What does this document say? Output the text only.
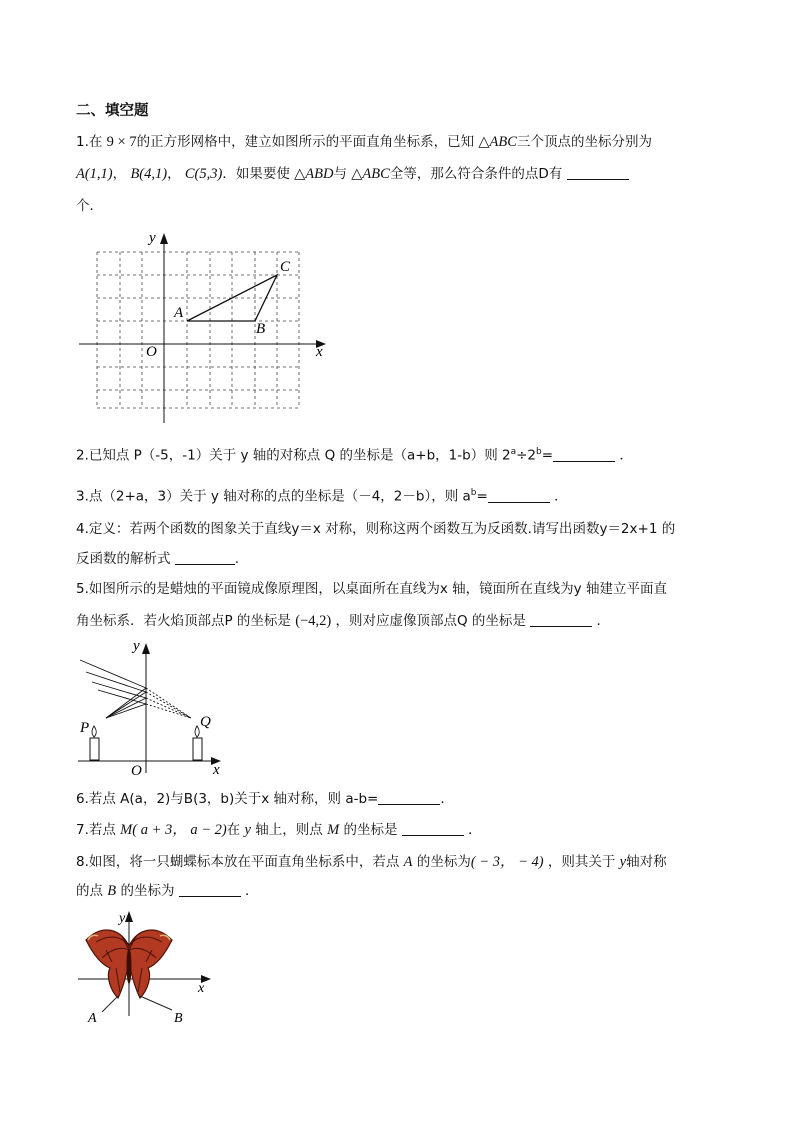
二、填空题
1.在 9 × 7的正方形网格中，建立如图所示的平面直角坐标系，已知 △ABC三个顶点的坐标分别为
A(1,1)， B(4,1)， C(5,3)．如果要使 △ABD与 △ABC全等，那么符合条件的点D有
个．
y
x
O
A
B
C
2.已知点 P（-5，-1）关于 y 轴的对称点 Q 的坐标是（a+b，1-b）则 $2^a\div 2^b=$	．
3.点（2+a，3）关于 y 轴对称的点的坐标是（－4，2－b），则 $a^b=$	．
4.定义：若两个函数的图象关于直线y＝x 对称，则称这两个函数互为反函数.请写出函数y＝2x+1 的
反函数的解析式	.
5.如图所示的是蜡烛的平面镜成像原理图，以桌面所在直线为x 轴，镜面所在直线为y 轴建立平面直
角坐标系．若火焰顶部点P 的坐标是 (−4,2) ，则对应虚像顶部点Q 的坐标是	．
P	Q
y
x
O
6.若点 A(a，2)与B(3，b)关于x 轴对称，则 a-b=	.
7.若点 M( a + 3， a − 2)在 y 轴上，则点 M 的坐标是	．
8.如图，将一只蝴蝶标本放在平面直角坐标系中，若点 A 的坐标为( − 3， − 4) ，则其关于 y轴对称
的点 B 的坐标为	．
y
x
A	B
